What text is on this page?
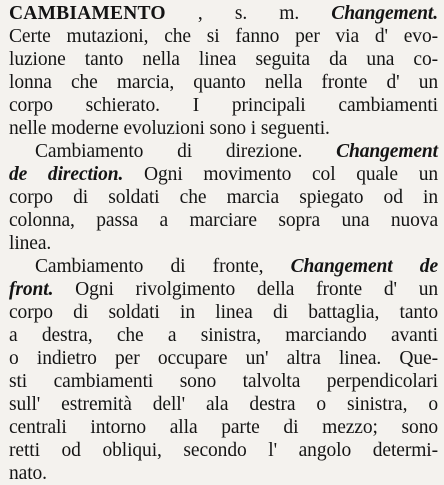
CAMBIAMENTO , s. m. Changement.
Certe mutazioni, che si fanno per via d' evo-
luzione tanto nella linea seguita da una co-
lonna che marcia, quanto nella fronte d' un
corpo schierato. I principali cambiamenti
nelle moderne evoluzioni sono i seguenti.
Cambiamento di direzione. Changement
de direction. Ogni movimento col quale un
corpo di soldati che marcia spiegato od in
colonna, passa a marciare sopra una nuova
linea.
Cambiamento di fronte, Changement de
front. Ogni rivolgimento della fronte d' un
corpo di soldati in linea di battaglia, tanto
a destra, che a sinistra, marciando avanti
o indietro per occupare un' altra linea. Que-
sti cambiamenti sono talvolta perpendicolari
sull' estremità dell' ala destra o sinistra, o
centrali intorno alla parte di mezzo; sono
retti od obliqui, secondo l' angolo determi-
nato.
